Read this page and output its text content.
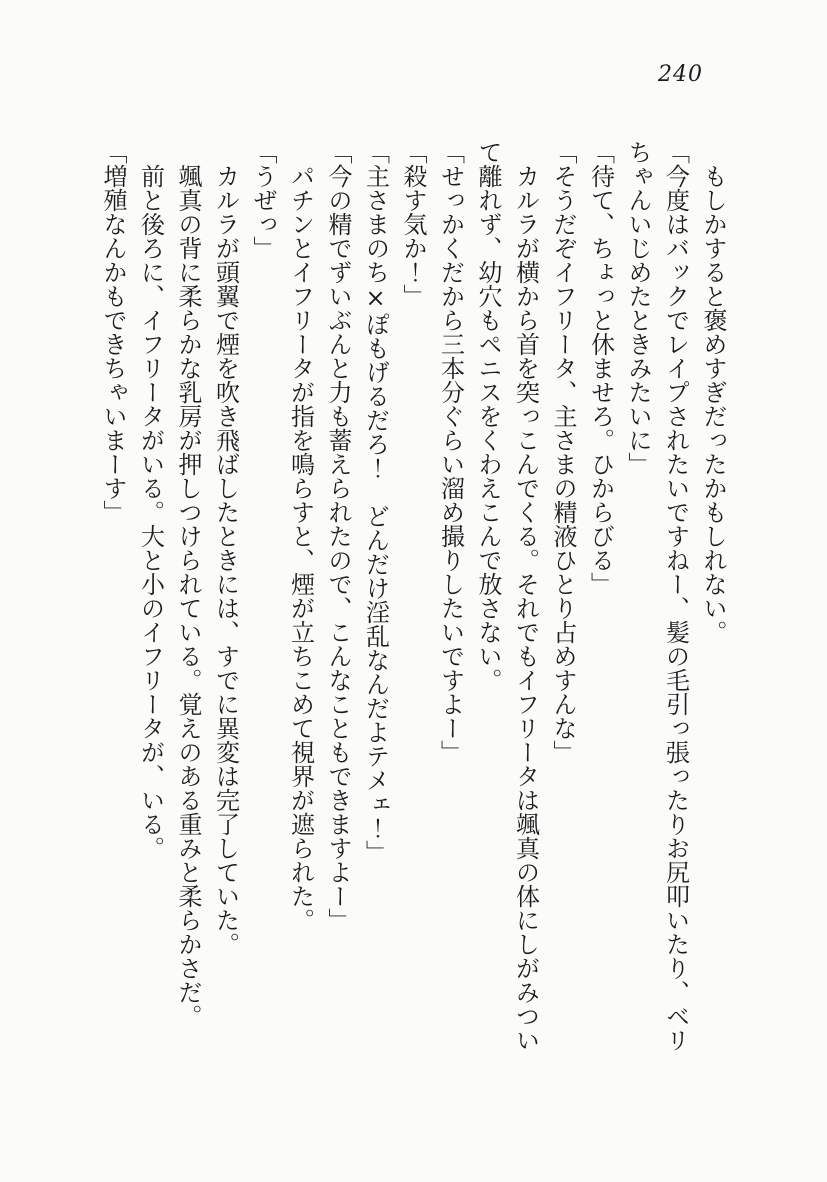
240

もしかすると褒めすぎだったかもしれない。

「今度はバックでレイプされたいですねー、髪の毛引っ張ったりお尻叩いたり、ベリちゃんいじめたときみたいに」

「待て、ちょっと休ませろ。ひからびる」

「そうだぞイフリータ、主さまの精液ひとり占めすんな」

カルラが横から首を突っこんでくる。それでもイフリータは颯真の体にしがみついて離れず、幼穴もペニスをくわえこんで放さない。

「せっかくだから三本分ぐらい溜め撮りしたいですよー」

「殺す気か！」

「主さまのち×ぽもげるだろ！　どんだけ淫乱なんだよテメェ！」

「今の精でずいぶんと力も蓄えられたので、こんなこともできますよー」

パチンとイフリータが指を鳴らすと、煙が立ちこめて視界が遮られた。

「うぜっ」

カルラが頭翼で煙を吹き飛ばしたときには、すでに異変は完了していた。

颯真の背に柔らかな乳房が押しつけられている。覚えのある重みと柔らかさだ。

前と後ろに、イフリータがいる。大と小のイフリータが、いる。

「増殖なんかもできちゃいまーす」
